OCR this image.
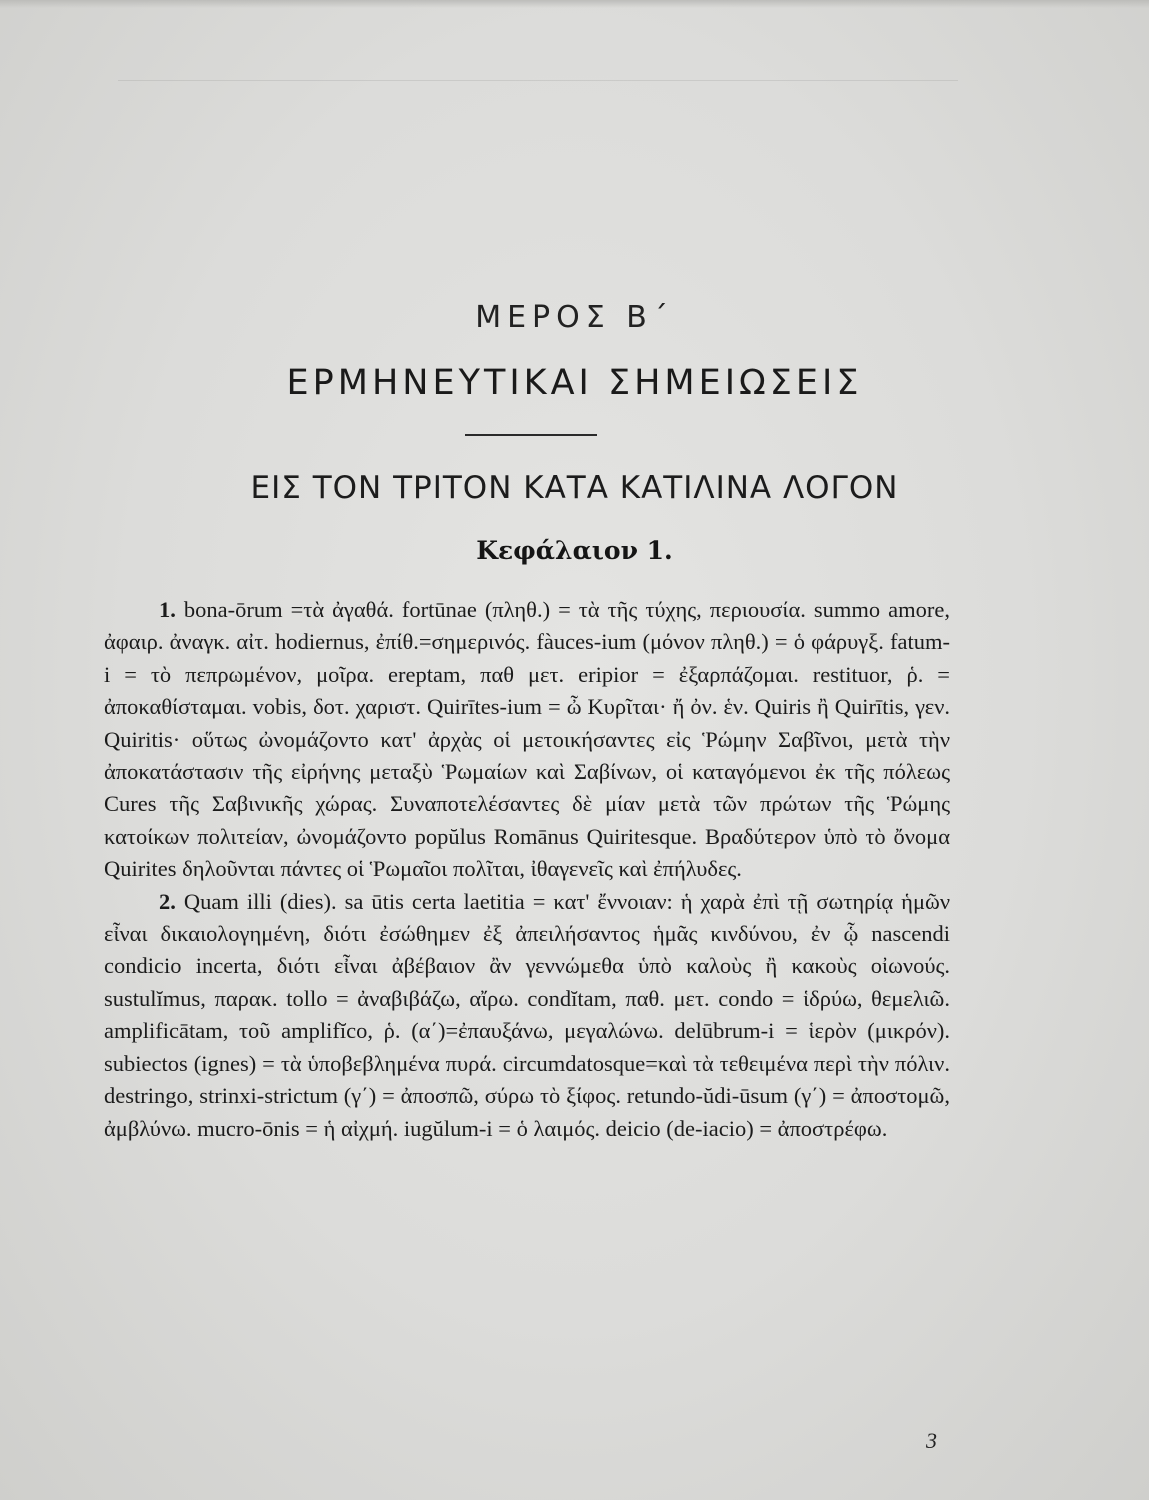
ΜΕΡΟΣ Β΄
ΕΡΜΗΝΕΥΤΙΚΑΙ ΣΗΜΕΙΩΣΕΙΣ
ΕΙΣ ΤΟΝ ΤΡΙΤΟΝ ΚΑΤΑ ΚΑΤΙΛΙΝΑ ΛΟΓΟΝ
Κεφάλαιον 1.

1. bona-ōrum =τὰ ἀγαθά. fortūnae (πληθ.) = τὰ τῆς τύχης, περιουσία. summo amore, ἀφαιρ. ἀναγκ. αἰτ. hodiernus, ἐπίθ.=σημερινός. fàuces-ium (μόνον πληθ.) = ὁ φάρυγξ. fatum-i = τὸ πεπρωμένον, μοῖρα. ereptam, παθ μετ. eripior = ἐξαρπάζομαι. restituor, ῥ. = ἀποκαθίσταμαι. vobis, δοτ. χαριστ. Quirītes-ium = ὦ Κυρῖται· ἤ ὀν. ἑν. Quiris ἢ Quirītis, γεν. Quiritis· οὕτως ὠνομάζοντο κατ' ἀρχὰς οἱ μετοικήσαντες εἰς Ῥώμην Σαβῖνοι, μετὰ τὴν ἀποκατάστασιν τῆς εἰρήνης μεταξὺ Ῥωμαίων καὶ Σαβίνων, οἱ καταγόμενοι ἐκ τῆς πόλεως Cures τῆς Σαβινικῆς χώρας. Συναποτελέσαντες δὲ μίαν μετὰ τῶν πρώτων τῆς Ῥώμης κατοίκων πολιτείαν, ὠνομάζοντο popŭlus Romānus Quiritesque. Βραδύτερον ὑπὸ τὸ ὄνομα Quirites δηλοῦνται πάντες οἱ Ῥωμαῖοι πολῖται, ἰθαγενεῖς καὶ ἐπήλυδες.

2. Quam illi (dies). sa ūtis certa laetitia = κατ' ἔννοιαν: ἡ χαρὰ ἐπὶ τῇ σωτηρίᾳ ἡμῶν εἶναι δικαιολογημένη, διότι ἐσώθημεν ἐξ ἀπειλήσαντος ἡμᾶς κινδύνου, ἐν ᾧ nascendi condicio incerta, διότι εἶναι ἀβέβαιον ἂν γεννώμεθα ὑπὸ καλοὺς ἢ κακοὺς οἰωνούς. sustulĭmus, παρακ. tollo = ἀναβιβάζω, αἴρω. condĭtam, παθ. μετ. condo = ἱδρύω, θεμελιῶ. amplificātam, τοῦ amplifĭco, ῥ. (α΄)=ἐπαυξάνω, μεγαλώνω. delūbrum-i = ἱερὸν (μικρόν). subiectos (ignes) = τὰ ὑποβεβλημένα πυρά. circumdatosque=καὶ τὰ τεθειμένα περὶ τὴν πόλιν. destringo, strinxi-strictum (γ΄) = ἀποσπῶ, σύρω τὸ ξίφος. retundo-ŭdi-ūsum (γ΄) = ἀποστομῶ, ἀμβλύνω. mucro-ōnis = ἡ αἰχμή. iugŭlum-i = ὁ λαιμός. deicio (de-iacio) = ἀποστρέφω.

3
